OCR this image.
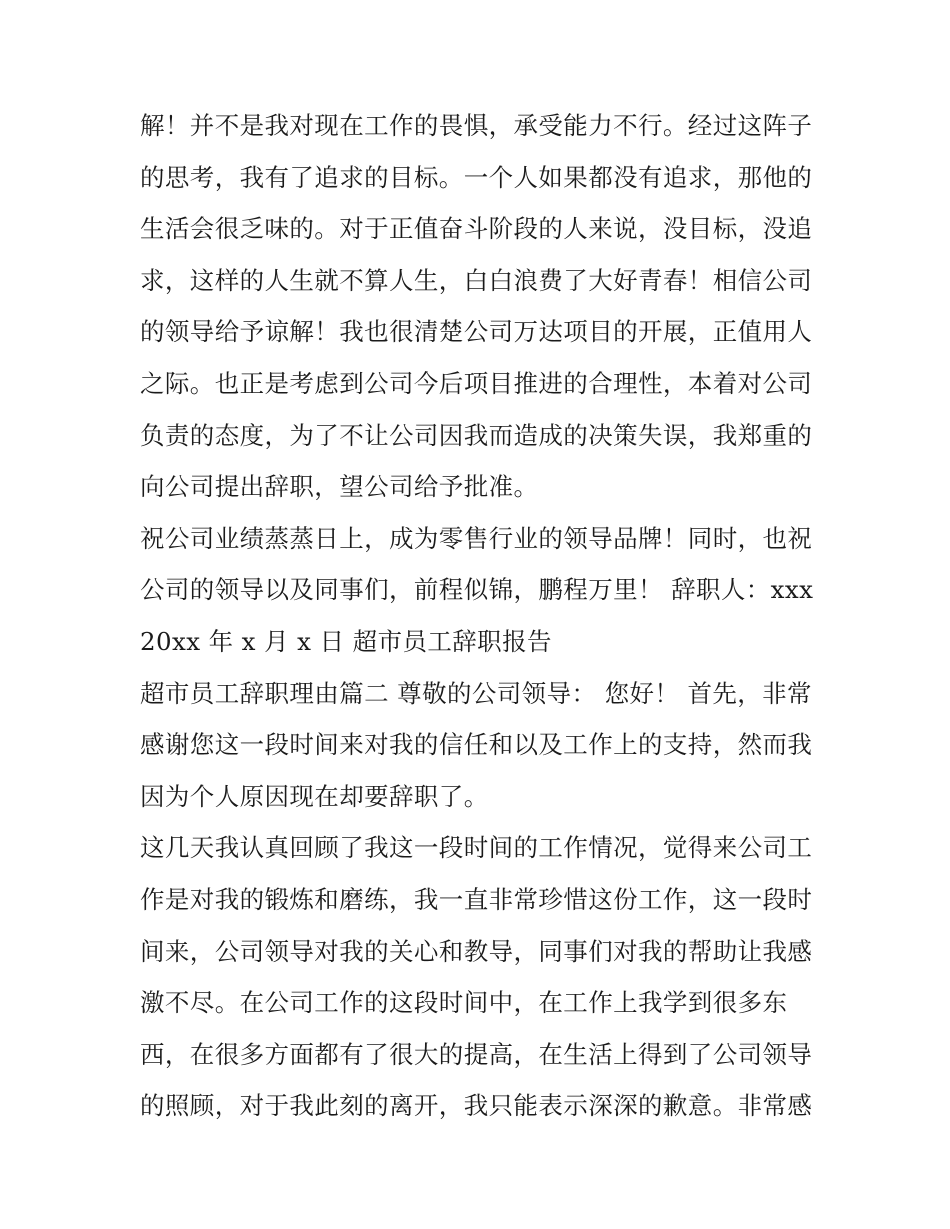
解！并不是我对现在工作的畏惧，承受能力不行。经过这阵子
的思考，我有了追求的目标。一个人如果都没有追求，那他的
生活会很乏味的。对于正值奋斗阶段的人来说，没目标，没追
求，这样的人生就不算人生，白白浪费了大好青春！相信公司
的领导给予谅解！我也很清楚公司万达项目的开展，正值用人
之际。也正是考虑到公司今后项目推进的合理性，本着对公司
负责的态度，为了不让公司因我而造成的决策失误，我郑重的
向公司提出辞职，望公司给予批准。
祝公司业绩蒸蒸日上，成为零售行业的领导品牌！同时，也祝
公司的领导以及同事们，前程似锦，鹏程万里！ 辞职人：xxx
20xx 年 x 月 x 日 超市员工辞职报告
超市员工辞职理由篇二 尊敬的公司领导： 您好！ 首先，非常
感谢您这一段时间来对我的信任和以及工作上的支持，然而我
因为个人原因现在却要辞职了。
这几天我认真回顾了我这一段时间的工作情况，觉得来公司工
作是对我的锻炼和磨练，我一直非常珍惜这份工作，这一段时
间来，公司领导对我的关心和教导，同事们对我的帮助让我感
激不尽。在公司工作的这段时间中，在工作上我学到很多东
西，在很多方面都有了很大的提高，在生活上得到了公司领导
的照顾，对于我此刻的离开，我只能表示深深的歉意。非常感
